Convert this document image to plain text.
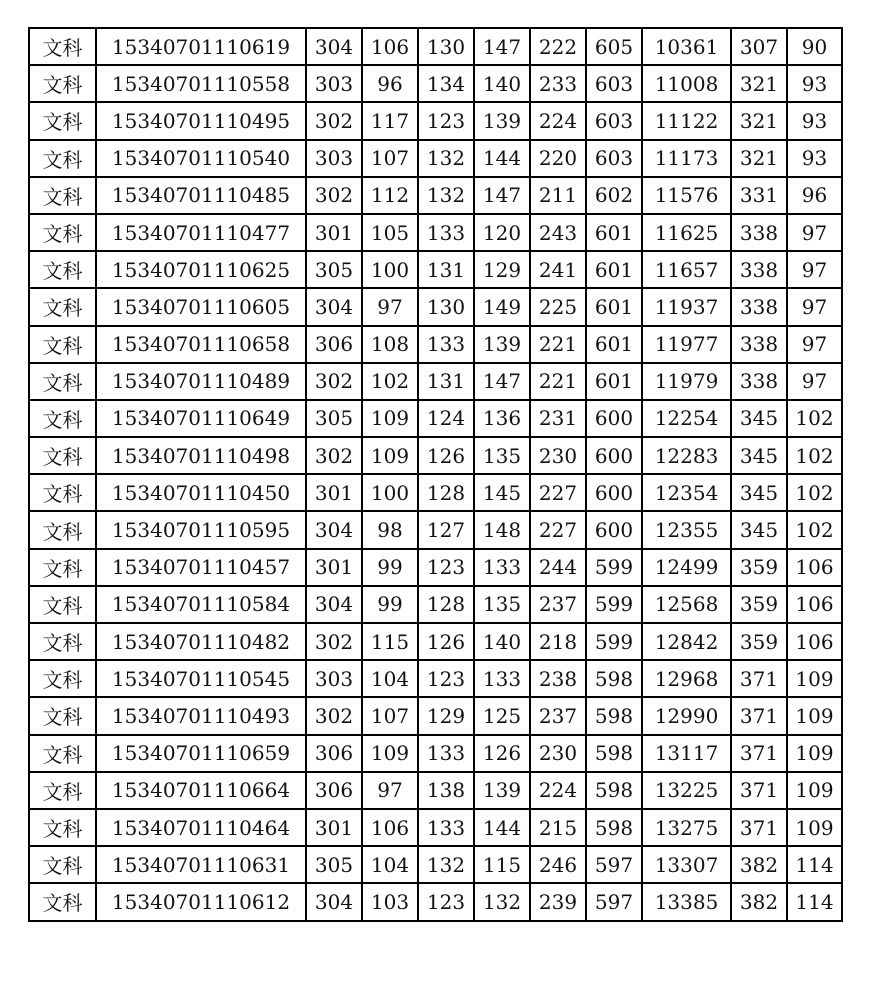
文科	15340701110619	304	106	130	147	222	605	10361	307	90
文科	15340701110558	303	96	134	140	233	603	11008	321	93
文科	15340701110495	302	117	123	139	224	603	11122	321	93
文科	15340701110540	303	107	132	144	220	603	11173	321	93
文科	15340701110485	302	112	132	147	211	602	11576	331	96
文科	15340701110477	301	105	133	120	243	601	11625	338	97
文科	15340701110625	305	100	131	129	241	601	11657	338	97
文科	15340701110605	304	97	130	149	225	601	11937	338	97
文科	15340701110658	306	108	133	139	221	601	11977	338	97
文科	15340701110489	302	102	131	147	221	601	11979	338	97
文科	15340701110649	305	109	124	136	231	600	12254	345	102
文科	15340701110498	302	109	126	135	230	600	12283	345	102
文科	15340701110450	301	100	128	145	227	600	12354	345	102
文科	15340701110595	304	98	127	148	227	600	12355	345	102
文科	15340701110457	301	99	123	133	244	599	12499	359	106
文科	15340701110584	304	99	128	135	237	599	12568	359	106
文科	15340701110482	302	115	126	140	218	599	12842	359	106
文科	15340701110545	303	104	123	133	238	598	12968	371	109
文科	15340701110493	302	107	129	125	237	598	12990	371	109
文科	15340701110659	306	109	133	126	230	598	13117	371	109
文科	15340701110664	306	97	138	139	224	598	13225	371	109
文科	15340701110464	301	106	133	144	215	598	13275	371	109
文科	15340701110631	305	104	132	115	246	597	13307	382	114
文科	15340701110612	304	103	123	132	239	597	13385	382	114
